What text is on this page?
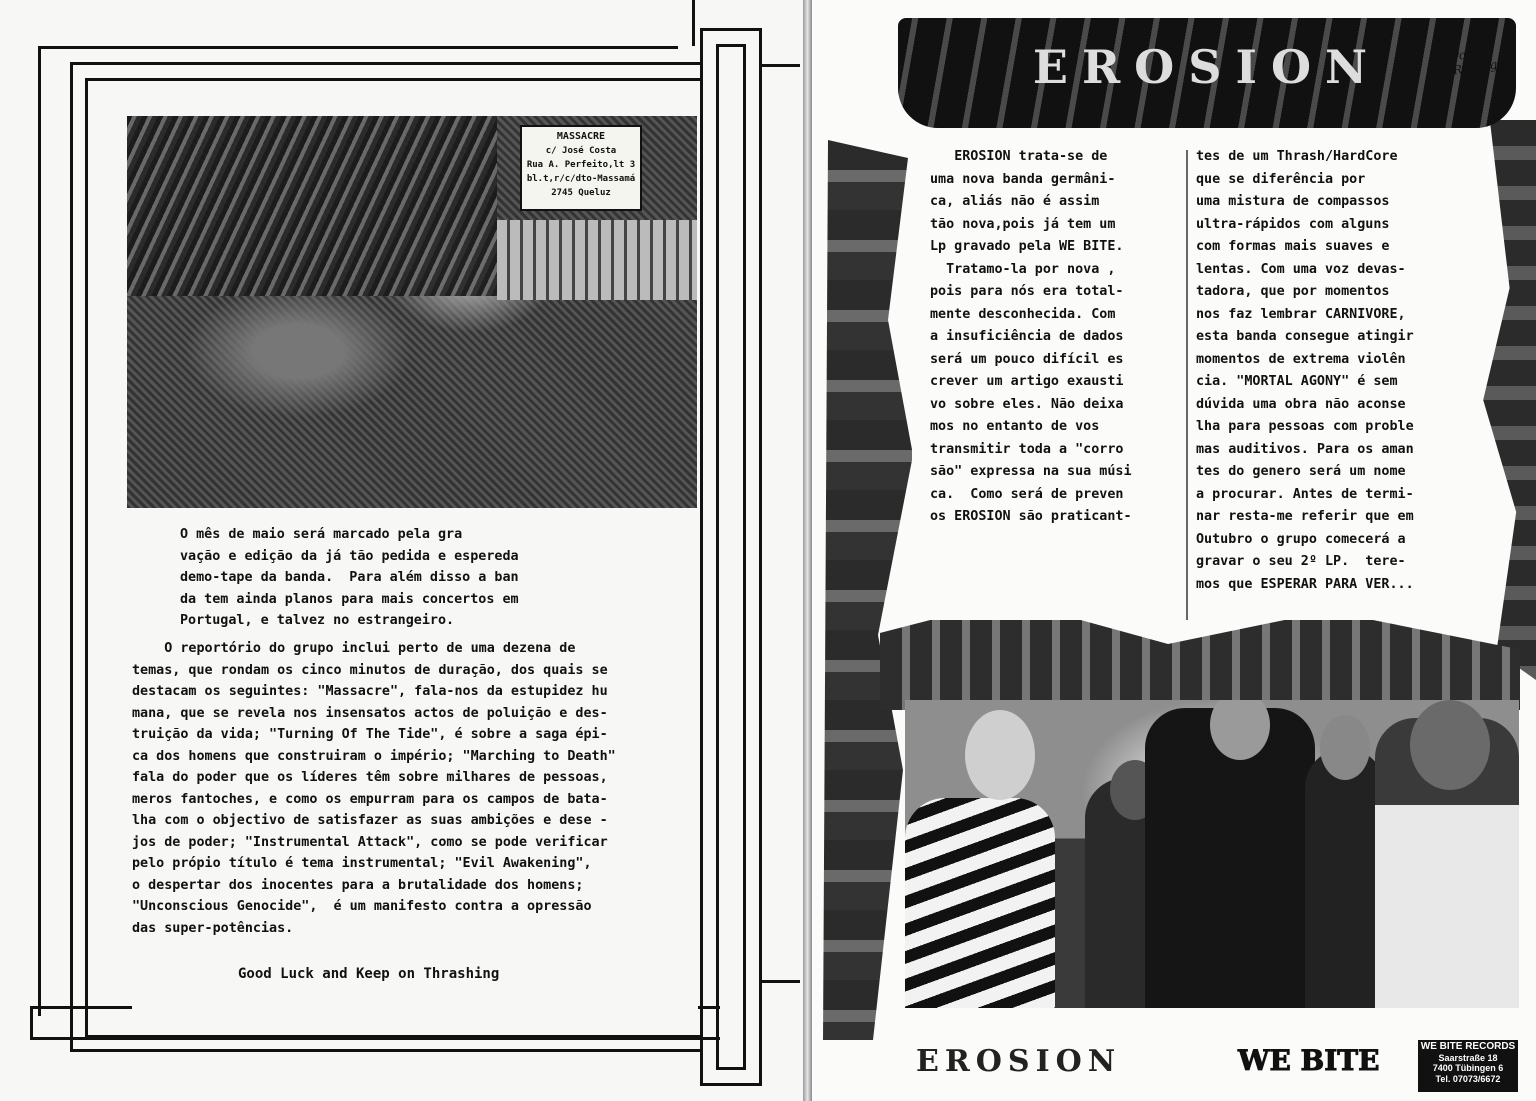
MASSACRE
c/ José Costa
Rua A. Perfeito,lt 3
bl.t,r/c/dto-Massamá
2745 Queluz

O mês de maio será marcado pela gra
vação e edição da já tão pedida e espereda
demo-tape da banda.  Para além disso a ban
da tem ainda planos para mais concertos em
Portugal, e talvez no estrangeiro.

O reportório do grupo inclui perto de uma dezena de
temas, que rondam os cinco minutos de duração, dos quais se
destacam os seguintes: "Massacre", fala-nos da estupidez hu
mana, que se revela nos insensatos actos de poluição e des-
truição da vida; "Turning Of The Tide", é sobre a saga épi-
ca dos homens que construiram o império; "Marching to Death"
fala do poder que os líderes têm sobre milhares de pessoas,
meros fantoches, e como os empurram para os campos de bata-
lha com o objectivo de satisfazer as suas ambições e dese -
jos de poder; "Instrumental Attack", como se pode verificar
pelo própio título é tema instrumental; "Evil Awakening",
o despertar dos inocentes para a brutalidade dos homens;
"Unconscious Genocide",  é um manifesto contra a opressão
das super-potências.

Good Luck and Keep on Thrashing
EROSION	Por:
Rui Vigo

EROSION trata-se de
uma nova banda germâni-
ca, aliás não é assim
tão nova,pois já tem um
Lp gravado pela WE BITE.
Tratamo-la por nova ,
pois para nós era total-
mente desconhecida. Com
a insuficiência de dados
será um pouco difícil es
crever um artigo exausti
vo sobre eles. Não deixa
mos no entanto de vos
transmitir toda a "corro
são" expressa na sua músi
ca.  Como será de preven
os EROSION são praticant-

tes de um Thrash/HardCore
que se diferência por
uma mistura de compassos
ultra-rápidos com alguns
com formas mais suaves e
lentas. Com uma voz devas-
tadora, que por momentos
nos faz lembrar CARNIVORE,
esta banda consegue atingir
momentos de extrema violên
cia. "MORTAL AGONY" é sem
dúvida uma obra não aconse
lha para pessoas com proble
mas auditivos. Para os aman
tes do genero será um nome
a procurar. Antes de termi-
nar resta-me referir que em
Outubro o grupo comecerá a
gravar o seu 2º LP.  tere-
mos que ESPERAR PARA VER...

EROSION	WE BITE	WE BITE RECORDS
Saarstraße 18
7400 Tübingen 6
Tel. 07073/6672
